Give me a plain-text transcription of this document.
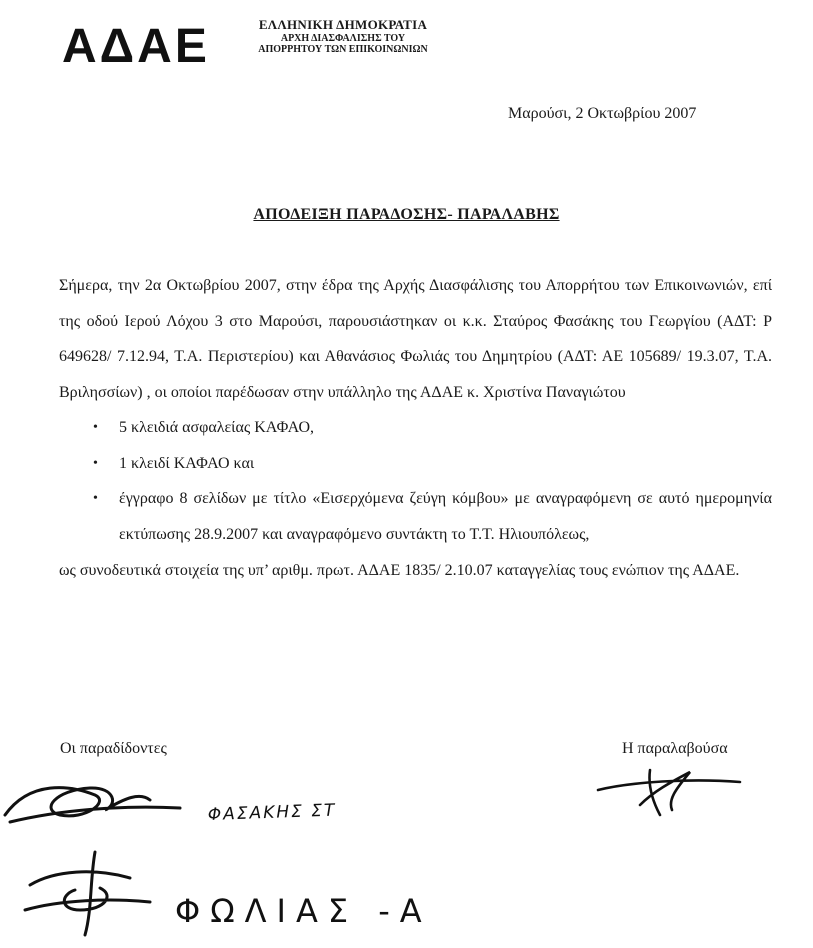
ΑΔΑΕ	ΕΛΛΗΝΙΚΗ ΔΗΜΟΚΡΑΤΙΑ
ΑΡΧΗ ΔΙΑΣΦΑΛΙΣΗΣ ΤΟΥ
ΑΠΟΡΡΗΤΟΥ ΤΩΝ ΕΠΙΚΟΙΝΩΝΙΩΝ
Μαρούσι, 2 Οκτωβρίου 2007
ΑΠΟΔΕΙΞΗ ΠΑΡΑΔΟΣΗΣ- ΠΑΡΑΛΑΒΗΣ

Σήμερα, την 2α Οκτωβρίου 2007, στην έδρα της Αρχής Διασφάλισης του Απορρήτου των Επικοινωνιών, επί της οδού Ιερού Λόχου 3 στο Μαρούσι, παρουσιάστηκαν οι κ.κ. Σταύρος Φασάκης του Γεωργίου (ΑΔΤ: Ρ 649628/ 7.12.94, Τ.Α. Περιστερίου) και Αθανάσιος Φωλιάς του Δημητρίου (ΑΔΤ: ΑΕ 105689/ 19.3.07, Τ.Α. Βριλησσίων) , οι οποίοι παρέδωσαν στην υπάλληλο της ΑΔΑΕ κ. Χριστίνα Παναγιώτου

• 5 κλειδιά ασφαλείας ΚΑΦΑΟ,
• 1 κλειδί ΚΑΦΑΟ και
• έγγραφο 8 σελίδων με τίτλο «Εισερχόμενα ζεύγη κόμβου» με αναγραφόμενη σε αυτό ημερομηνία εκτύπωσης 28.9.2007 και αναγραφόμενο συντάκτη το Τ.Τ. Ηλιουπόλεως,

ως συνοδευτικά στοιχεία της υπ’ αριθμ. πρωτ. ΑΔΑΕ 1835/ 2.10.07 καταγγελίας τους ενώπιον της ΑΔΑΕ.

Οι παραδίδοντες	Η παραλαβούσα
ΦΑΣΑΚΗΣ ΣΤ
ΦΩΛΙΑΣ -Α
